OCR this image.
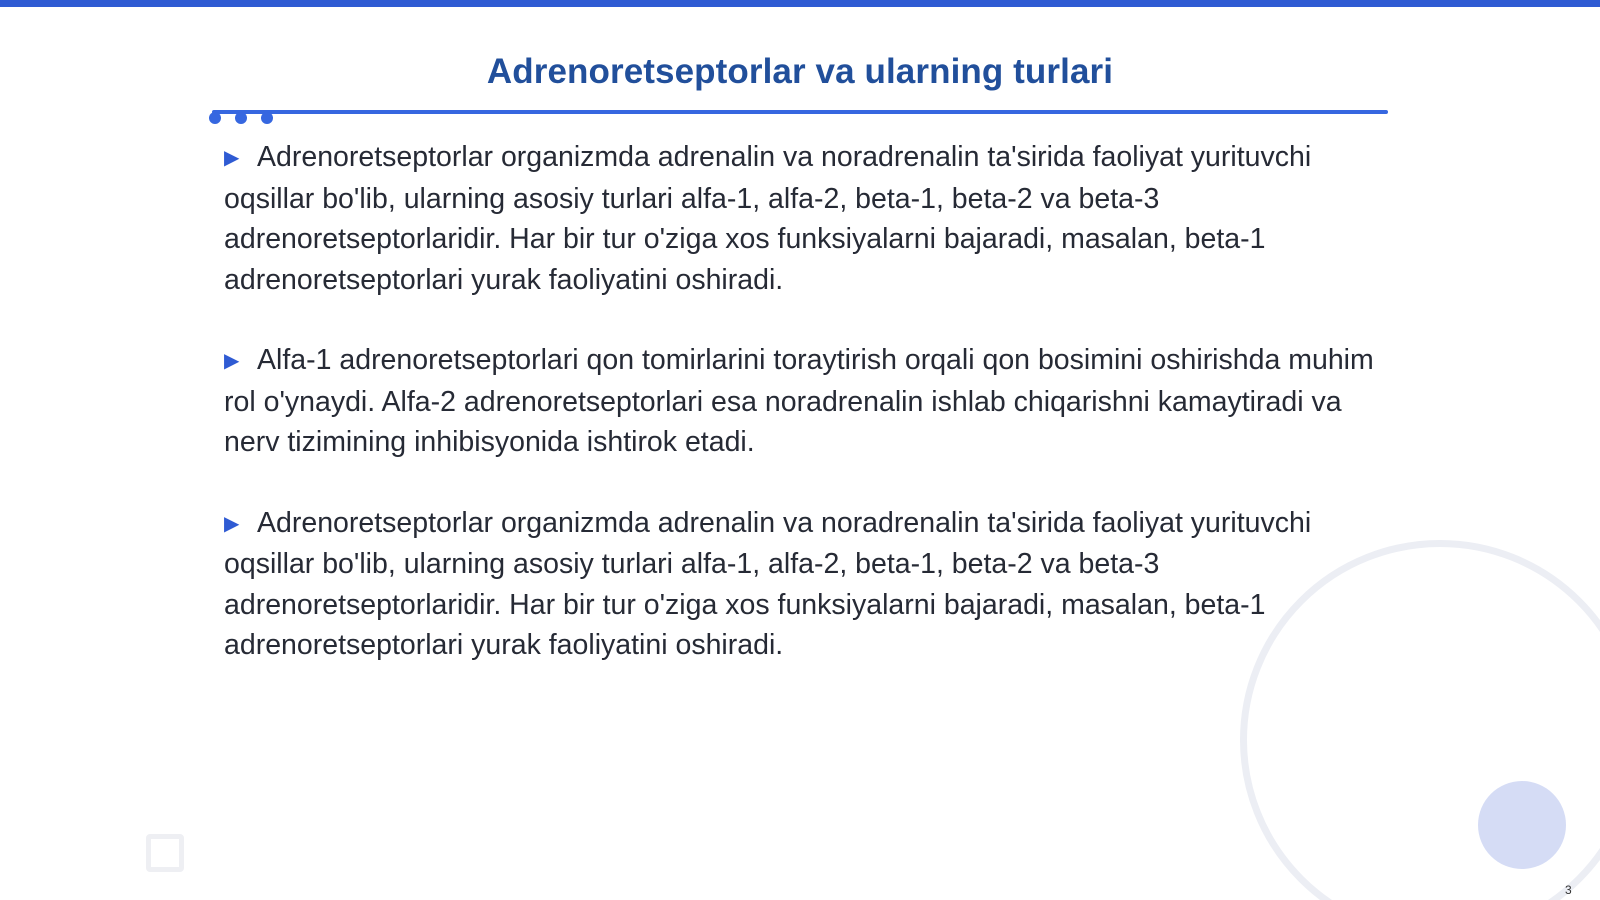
Adrenoretseptorlar va ularning turlari

▶ Adrenoretseptorlar organizmda adrenalin va noradrenalin ta'sirida faoliyat yurituvchi oqsillar bo'lib, ularning asosiy turlari alfa-1, alfa-2, beta-1, beta-2 va beta-3 adrenoretseptorlaridir. Har bir tur o'ziga xos funksiyalarni bajaradi, masalan, beta-1 adrenoretseptorlari yurak faoliyatini oshiradi.

▶ Alfa-1 adrenoretseptorlari qon tomirlarini toraytirish orqali qon bosimini oshirishda muhim rol o'ynaydi. Alfa-2 adrenoretseptorlari esa noradrenalin ishlab chiqarishni kamaytiradi va nerv tizimining inhibisyonida ishtirok etadi.

▶ Adrenoretseptorlar organizmda adrenalin va noradrenalin ta'sirida faoliyat yurituvchi oqsillar bo'lib, ularning asosiy turlari alfa-1, alfa-2, beta-1, beta-2 va beta-3 adrenoretseptorlaridir. Har bir tur o'ziga xos funksiyalarni bajaradi, masalan, beta-1 adrenoretseptorlari yurak faoliyatini oshiradi.

3
